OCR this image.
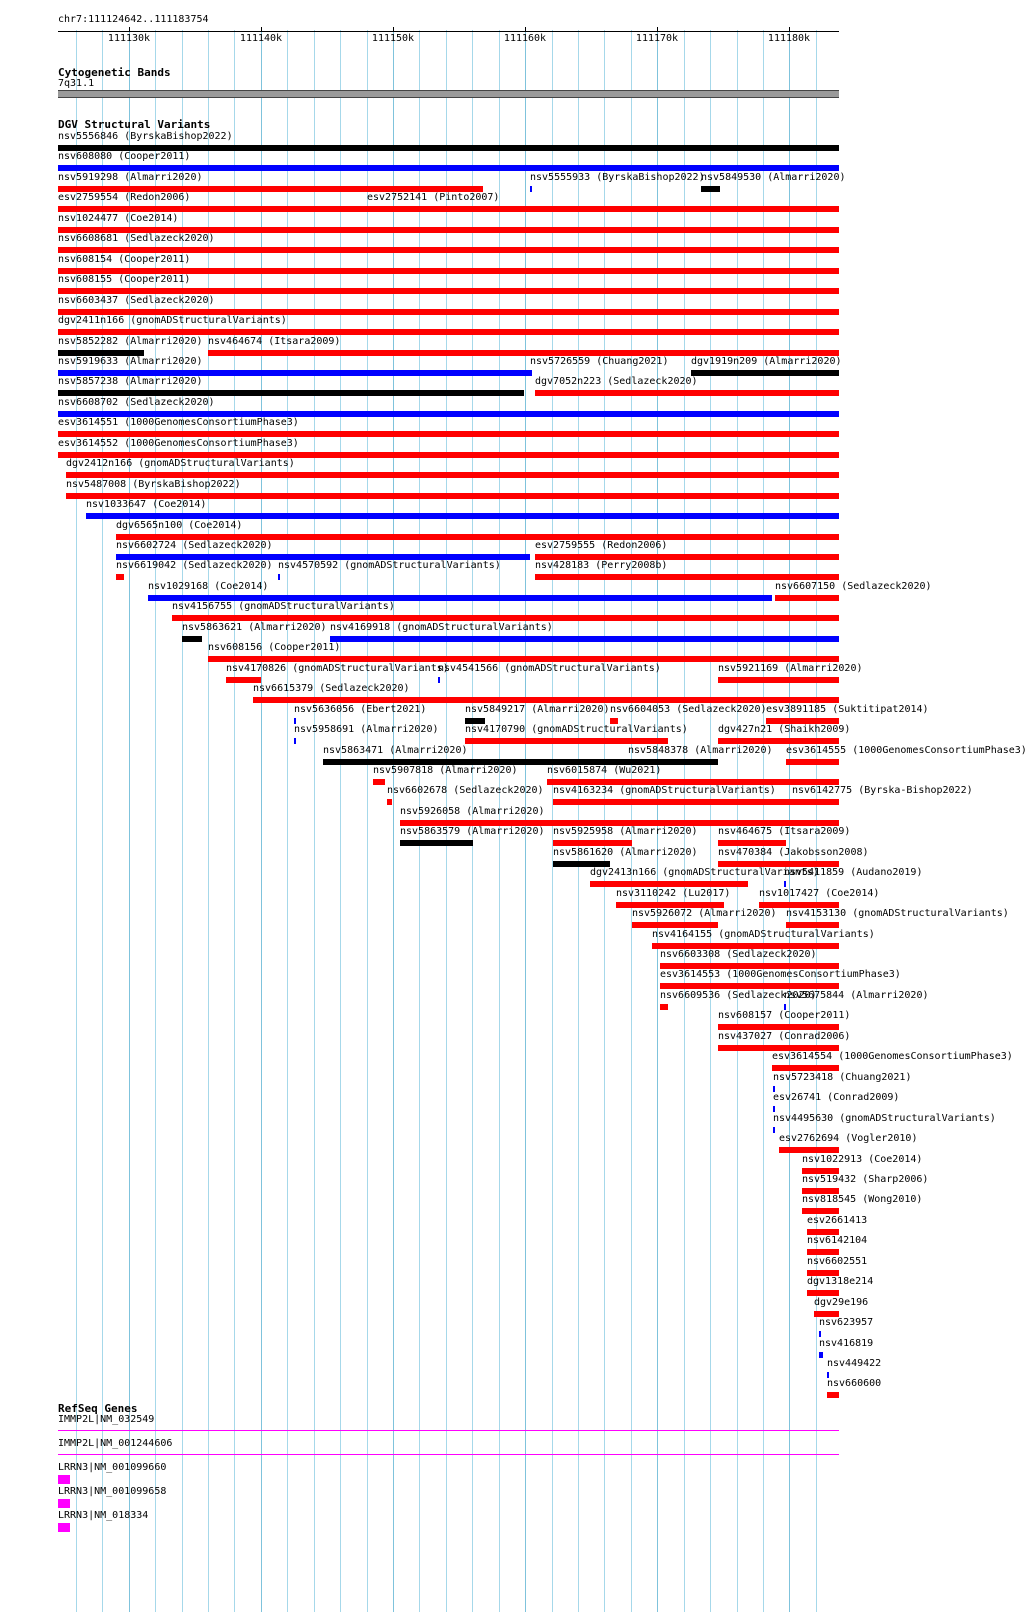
chr7:111124642..111183754
111130k	111140k	111150k	111160k	111170k	111180k
Cytogenetic Bands
7q31.1
DGV Structural Variants
nsv5556846 (ByrskaBishop2022)
nsv608080 (Cooper2011)
nsv5919298 (Almarri2020)	nsv5555933 (ByrskaBishop2022)
nsv5849530 (Almarri2020)
esv2759554 (Redon2006)	esv2752141 (Pinto2007)
nsv1024477 (Coe2014)
nsv6608681 (Sedlazeck2020)
nsv608154 (Cooper2011)
nsv608155 (Cooper2011)
nsv6603437 (Sedlazeck2020)
dgv2411n166 (gnomADStructuralVariants)
nsv5852282 (Almarri2020) nsv464674 (Itsara2009)
nsv5919633 (Almarri2020)	nsv5726559 (Chuang2021) dgv1919n209 (Almarri2020)
nsv5857238 (Almarri2020)	dgv7052n223 (Sedlazeck2020)
nsv6608702 (Sedlazeck2020)
esv3614551 (1000GenomesConsortiumPhase3)
esv3614552 (1000GenomesConsortiumPhase3)
dgv2412n166 (gnomADStructuralVariants)
nsv5487008 (ByrskaBishop2022)
nsv1033647 (Coe2014)
dgv6565n100 (Coe2014)
nsv6602724 (Sedlazeck2020)	esv2759555 (Redon2006)
nsv6619042 (Sedlazeck2020) nsv4570592 (gnomADStructuralVariants)	nsv428183 (Perry2008b)
nsv1029168 (Coe2014)	nsv6607150 (Sedlazeck2020)
nsv4156755 (gnomADStructuralVariants)
nsv5863621 (Almarri2020) nsv4169918 (gnomADStructuralVariants)
nsv608156 (Cooper2011)
nsv4170826 (gnomADStructuralVariants)
nsv4541566 (gnomADStructuralVariants)	nsv5921169 (Almarri2020)
nsv6615379 (Sedlazeck2020)
nsv5636056 (Ebert2021)	nsv5849217 (Almarri2020) nsv6604053 (Sedlazeck2020) esv3891185 (Suktitipat2014)
nsv5958691 (Almarri2020)	nsv4170790 (gnomADStructuralVariants)	dgv427n21 (Shaikh2009)
nsv5863471 (Almarri2020)	nsv5848378 (Almarri2020) esv3614555 (1000GenomesConsortiumPhase3)
nsv5907818 (Almarri2020)	nsv6015874 (Wu2021)
nsv6602678 (Sedlazeck2020) nsv4163234 (gnomADStructuralVariants) nsv6142775 (Byrska-Bishop2022)
nsv5926058 (Almarri2020)
nsv5863579 (Almarri2020) nsv5925958 (Almarri2020) nsv464675 (Itsara2009)
nsv5861620 (Almarri2020) nsv470384 (Jakobsson2008)
dgv2413n166 (gnomADStructuralVariants)
nsv5411859 (Audano2019)
nsv3110242 (Lu2017)	nsv1017427 (Coe2014)
nsv5926072 (Almarri2020) nsv4153130 (gnomADStructuralVariants)
nsv4164155 (gnomADStructuralVariants)
nsv6603308 (Sedlazeck2020)
esv3614553 (1000GenomesConsortiumPhase3)
nsv6609536 (Sedlazeck2020)
nsv5675844 (Almarri2020)
nsv608157 (Cooper2011)
nsv437027 (Conrad2006)
esv3614554 (1000GenomesConsortiumPhase3)
nsv5723418 (Chuang2021)
esv26741 (Conrad2009)
nsv4495630 (gnomADStructuralVariants)
esv2762694 (Vogler2010)
nsv1022913 (Coe2014)
nsv519432 (Sharp2006)
nsv818545 (Wong2010)
esv2661413
nsv6142104
nsv6602551
dgv1318e214
dgv29e196
nsv623957
nsv416819
nsv449422
nsv660600
RefSeq Genes
IMMP2L|NM_032549
IMMP2L|NM_001244606
LRRN3|NM_001099660
LRRN3|NM_001099658
LRRN3|NM_018334
